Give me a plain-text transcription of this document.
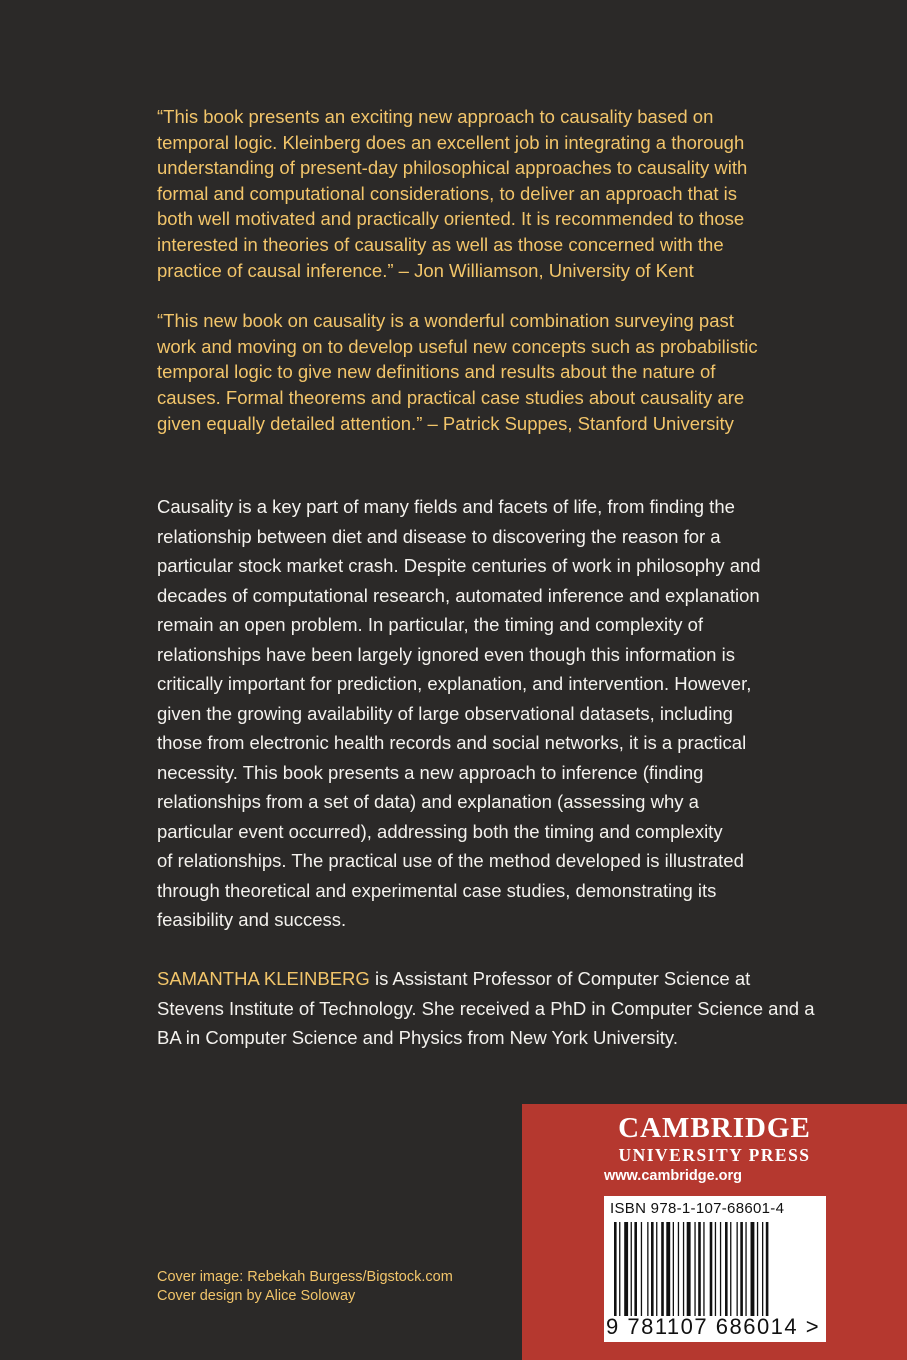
“This book presents an exciting new approach to causality based on
temporal logic. Kleinberg does an excellent job in integrating a thorough
understanding of present-day philosophical approaches to causality with
formal and computational considerations, to deliver an approach that is
both well motivated and practically oriented. It is recommended to those
interested in theories of causality as well as those concerned with the
practice of causal inference.” – Jon Williamson, University of Kent

“This new book on causality is a wonderful combination surveying past
work and moving on to develop useful new concepts such as probabilistic
temporal logic to give new definitions and results about the nature of
causes. Formal theorems and practical case studies about causality are
given equally detailed attention.” – Patrick Suppes, Stanford University

Causality is a key part of many fields and facets of life, from finding the
relationship between diet and disease to discovering the reason for a
particular stock market crash. Despite centuries of work in philosophy and
decades of computational research, automated inference and explanation
remain an open problem. In particular, the timing and complexity of
relationships have been largely ignored even though this information is
critically important for prediction, explanation, and intervention. However,
given the growing availability of large observational datasets, including
those from electronic health records and social networks, it is a practical
necessity. This book presents a new approach to inference (finding
relationships from a set of data) and explanation (assessing why a
particular event occurred), addressing both the timing and complexity
of relationships. The practical use of the method developed is illustrated
through theoretical and experimental case studies, demonstrating its
feasibility and success.
SAMANTHA KLEINBERG is Assistant Professor of Computer Science at Stevens Institute of Technology. She received a PhD in Computer Science and a BA in Computer Science and Physics from New York University.
Cover image: Rebekah Burgess/Bigstock.com
Cover design by Alice Soloway
CAMBRIDGE
UNIVERSITY PRESS
www.cambridge.org
ISBN 978-1-107-68601-4
9 781107 686014 >
